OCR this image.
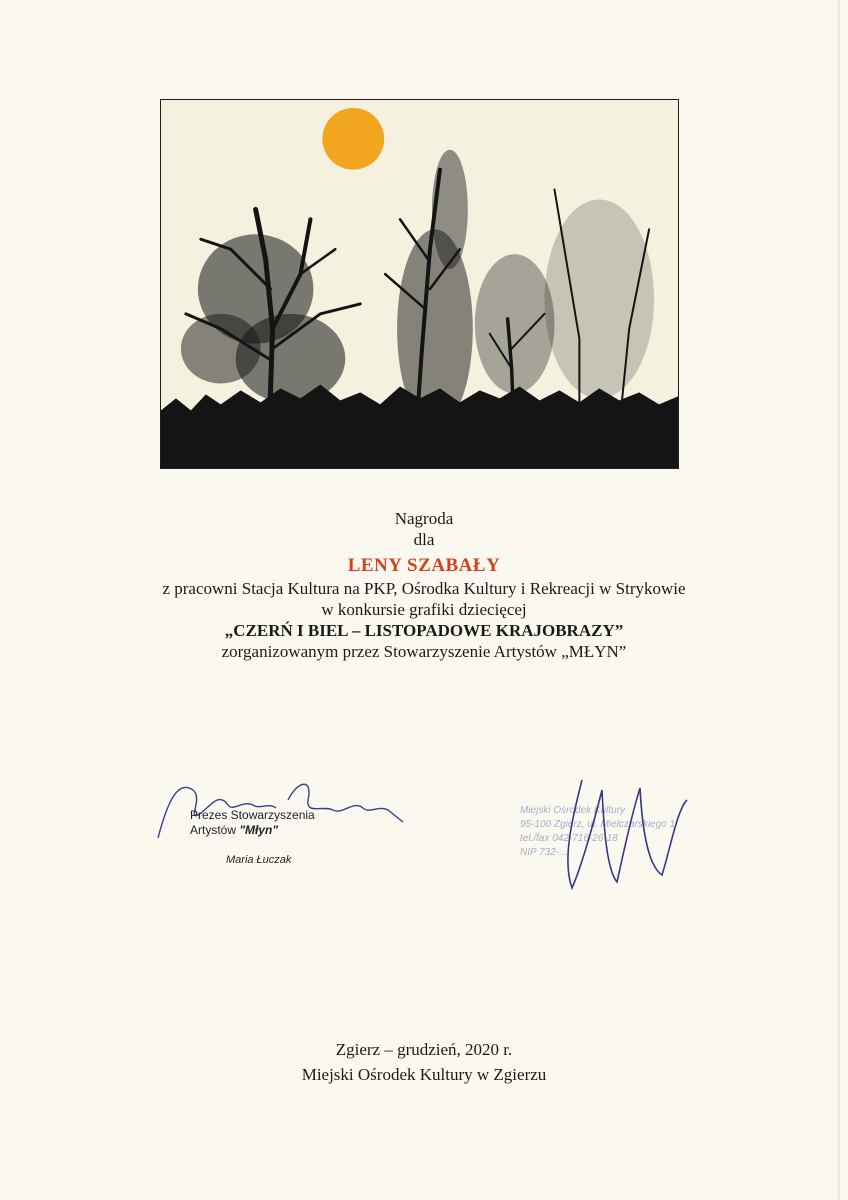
Nagroda
dla
LENY SZABAŁY
z pracowni Stacja Kultura na PKP, Ośrodka Kultury i Rekreacji w Strykowie
w konkursie grafiki dziecięcej
„CZERŃ I BIEL – LISTOPADOWE KRAJOBRAZY”
zorganizowanym przez Stowarzyszenie Artystów „MŁYN”
Prezes Stowarzyszenia
Artystów "Młyn"
Maria Łuczak
Miejski Ośrodek Kultury
95-100 Zgierz, ul. Mielczarskiego 1
tel./fax 042-716-26-18
NIP 732-...
Zgierz – grudzień, 2020 r.
Miejski Ośrodek Kultury w Zgierzu
